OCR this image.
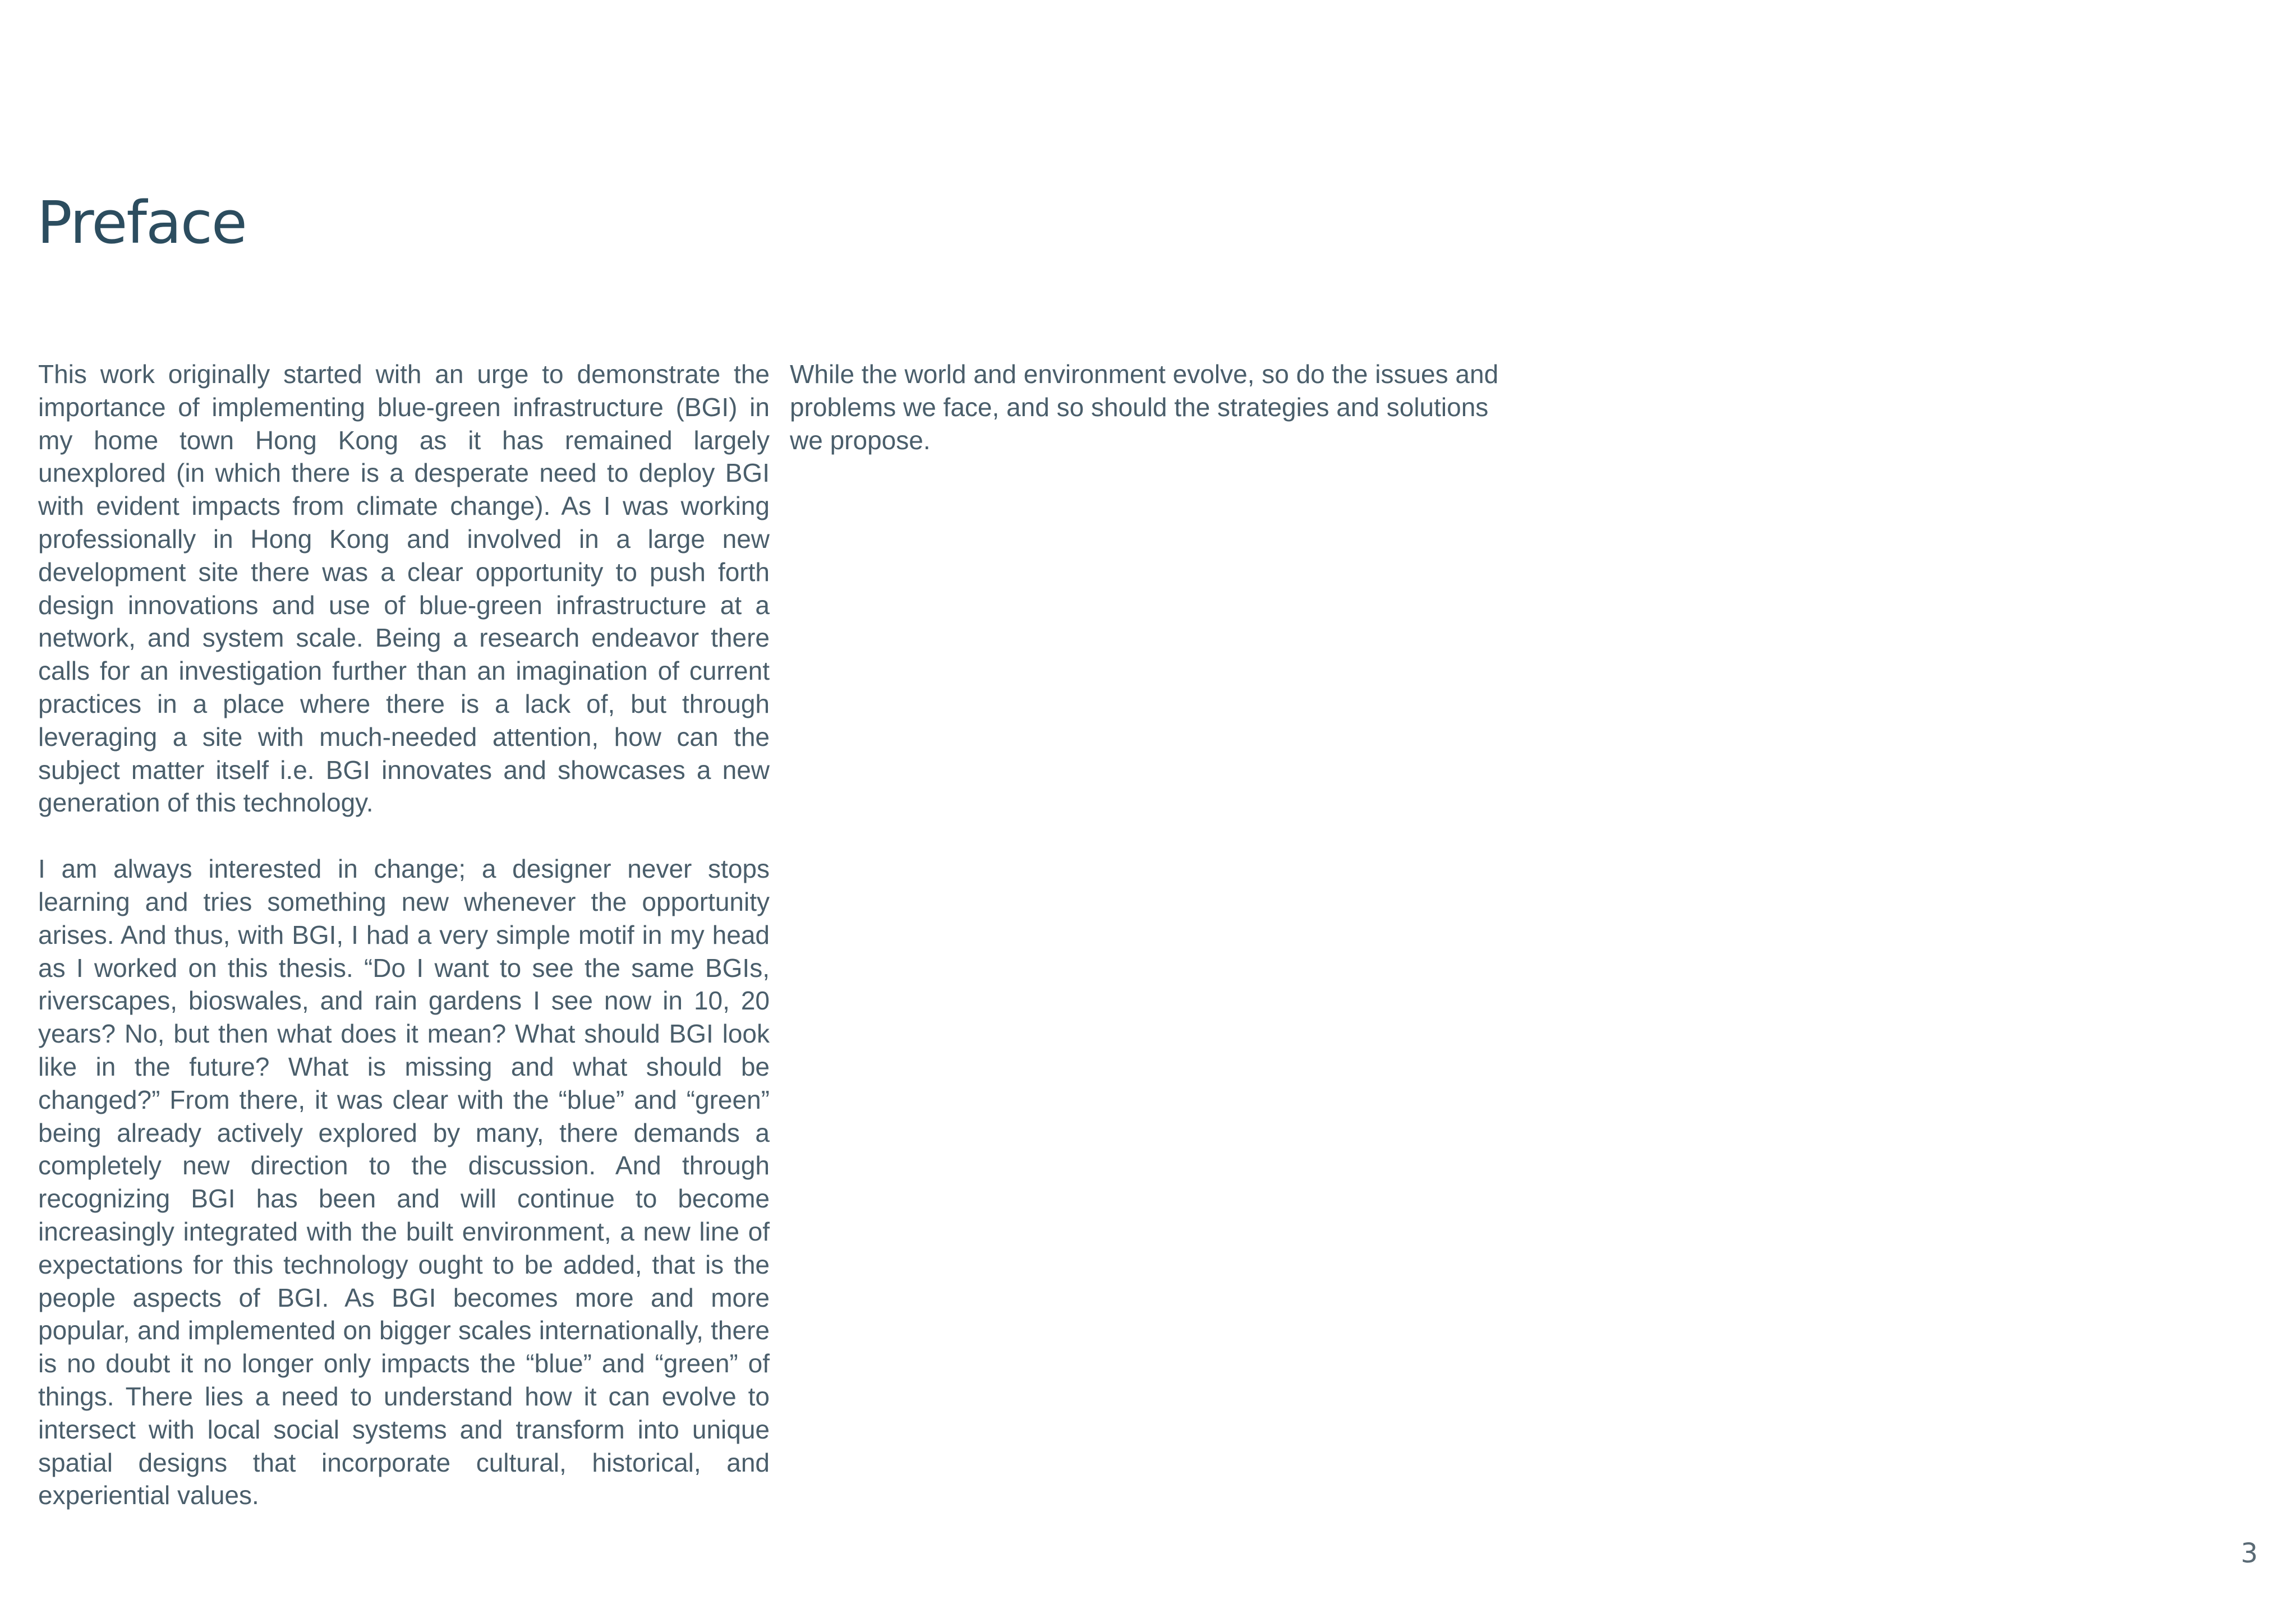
Preface

This work originally started with an urge to demonstrate the importance of implementing blue-green infrastructure (BGI) in my home town Hong Kong as it has remained largely unexplored (in which there is a desperate need to deploy BGI with evident impacts from climate change). As I was working professionally in Hong Kong and involved in a large new development site there was a clear opportunity to push forth design innovations and use of blue-green infrastructure at a network, and system scale. Being a research endeavor there calls for an investigation further than an imagination of current practices in a place where there is a lack of, but through leveraging a site with much-needed attention, how can the subject matter itself i.e. BGI innovates and showcases a new generation of this technology.

I am always interested in change; a designer never stops learning and tries something new whenever the opportunity arises. And thus, with BGI, I had a very simple motif in my head as I worked on this thesis. “Do I want to see the same BGIs, riverscapes, bioswales, and rain gardens I see now in 10, 20 years? No, but then what does it mean? What should BGI look like in the future? What is missing and what should be changed?” From there, it was clear with the “blue” and “green” being already actively explored by many, there demands a completely new direction to the discussion. And through recognizing BGI has been and will continue to become increasingly integrated with the built environment, a new line of expectations for this technology ought to be added, that is the people aspects of BGI. As BGI becomes more and more popular, and implemented on bigger scales internationally, there is no doubt it no longer only impacts the “blue” and “green” of things. There lies a need to understand how it can evolve to intersect with local social systems and transform into unique spatial designs that incorporate cultural, historical, and experiential values.

While the world and environment evolve, so do the issues and problems we face, and so should the strategies and solutions we propose.

3
